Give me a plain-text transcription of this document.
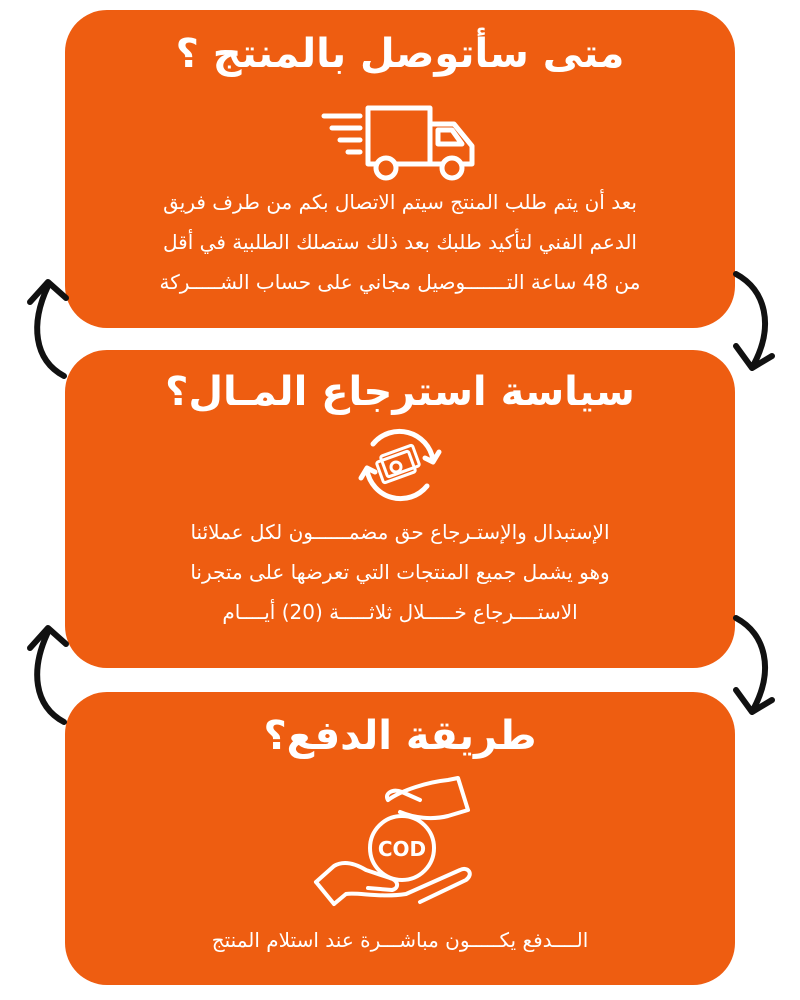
متى سأتوصل بالمنتج ؟
بعد أن يتم طلب المنتج سيتم الاتصال بكم من طرف فريق
الدعم الفني لتأكيد طلبك بعد ذلك ستصلك الطلبية في أقل
من 48 ساعة التـــــــوصيل مجاني على حساب الشـــــركة
سياسة استرجاع المـال؟
الإستبدال والإستـرجاع حق مضمــــــون لكل عملائنا
وهو يشمل جميع المنتجات التي تعرضها على متجرنا
الاستــــرجاع خـــــلال ثلاثـــــة (20) أيــــام
طريقة الدفع؟
COD
الــــدفع يكـــــون مباشـــرة عند استلام المنتج
